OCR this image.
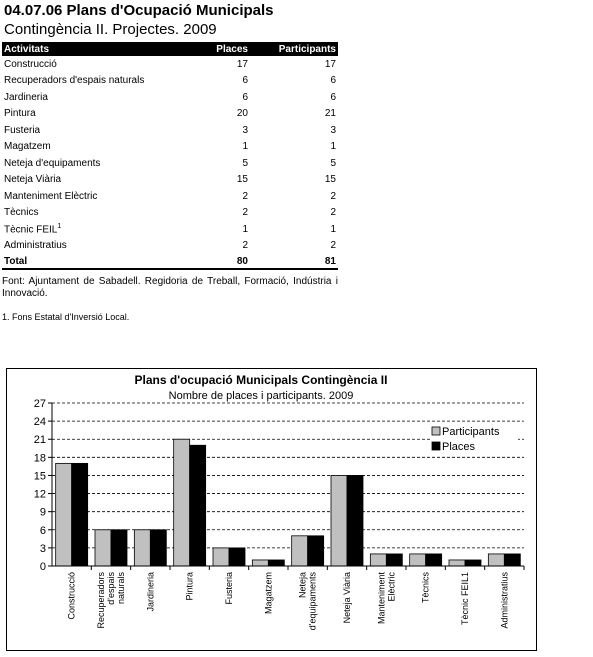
04.07.06 Plans d'Ocupació Municipals
Contingència II. Projectes. 2009
Activitats	Places	Participants
Construcció	17	17
Recuperadors d'espais naturals	6	6
Jardineria	6	6
Pintura	20	21
Fusteria	3	3
Magatzem	1	1
Neteja d'equipaments	5	5
Neteja Viària	15	15
Manteniment Elèctric	2	2
Tècnics	2	2
Tècnic FEIL$^1$	1	1
Administratius	2	2
Total	80	81
Font: Ajuntament de Sabadell. Regidoria de Treball, Formació, Indústria i Innovació.
1. Fons Estatal d'Inversió Local.
Plans d'ocupació Municipals Contingència II
Nombre de places i participants. 2009
0
3
6
9
12
15
18
21
24
27
Construcció Recuperadors d'espais naturals Jardineria	Pintura	Fusteria	Magatzem	Neteja d'equipaments	Neteja Viària	Manteniment Elèctric	Tècnics	Tècnic FEIL1	Administratius
Participants
Places
